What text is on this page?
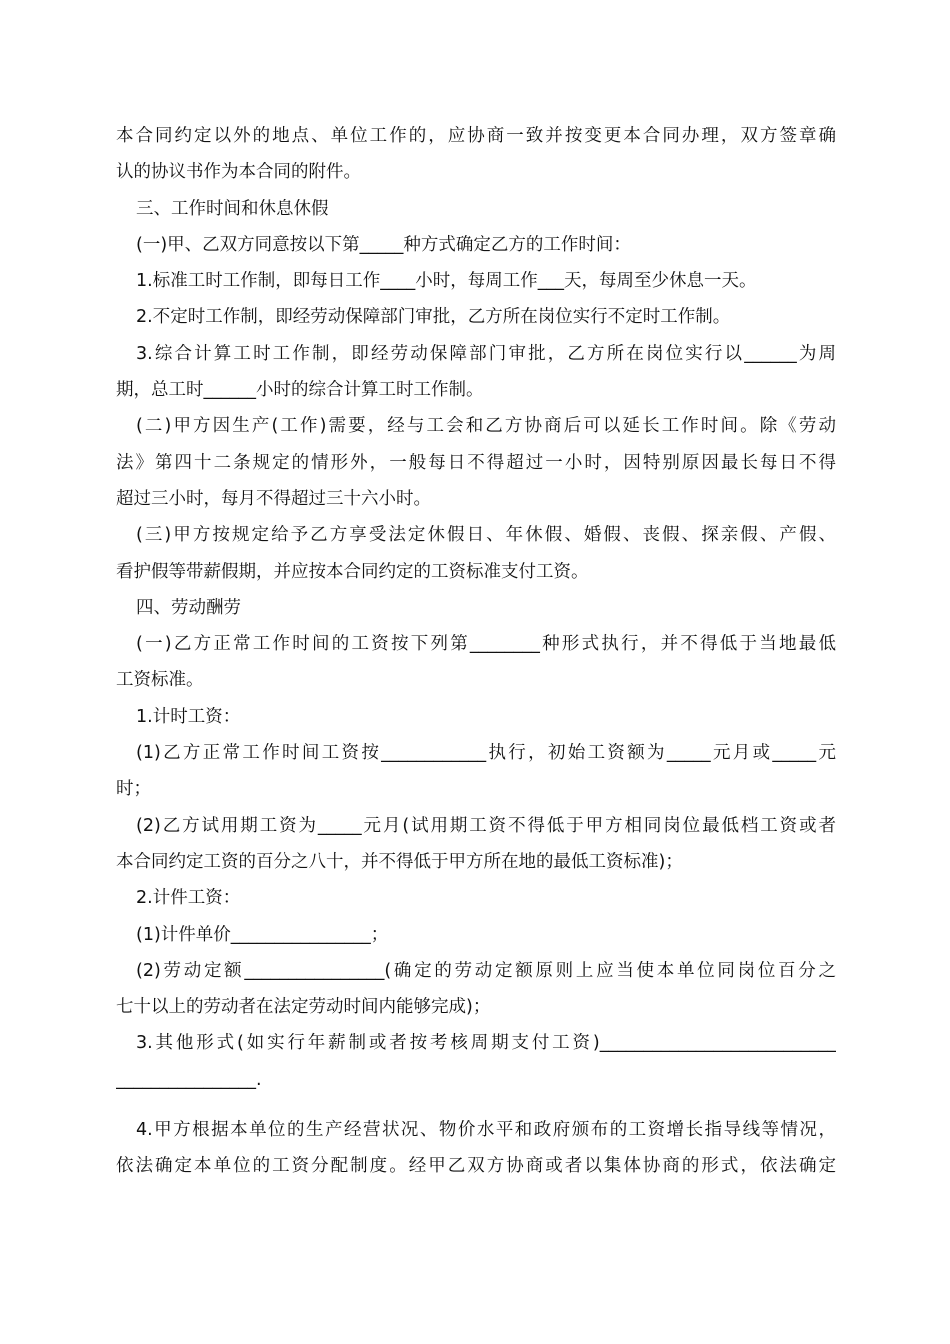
本合同约定以外的地点、单位工作的，应协商一致并按变更本合同办理，双方签章确
认的协议书作为本合同的附件。
三、工作时间和休息休假
(一)甲、乙双方同意按以下第_____种方式确定乙方的工作时间：
1.标准工时工作制，即每日工作____小时，每周工作___天，每周至少休息一天。
2.不定时工作制，即经劳动保障部门审批，乙方所在岗位实行不定时工作制。
3.综合计算工时工作制，即经劳动保障部门审批，乙方所在岗位实行以______为周
期，总工时______小时的综合计算工时工作制。
(二)甲方因生产(工作)需要，经与工会和乙方协商后可以延长工作时间。除《劳动
法》第四十二条规定的情形外，一般每日不得超过一小时，因特别原因最长每日不得
超过三小时，每月不得超过三十六小时。
(三)甲方按规定给予乙方享受法定休假日、年休假、婚假、丧假、探亲假、产假、
看护假等带薪假期，并应按本合同约定的工资标准支付工资。
四、劳动酬劳
(一)乙方正常工作时间的工资按下列第________种形式执行，并不得低于当地最低
工资标准。
1.计时工资：
(1)乙方正常工作时间工资按____________执行，初始工资额为_____元月或_____元
时；
(2)乙方试用期工资为_____元月(试用期工资不得低于甲方相同岗位最低档工资或者
本合同约定工资的百分之八十，并不得低于甲方所在地的最低工资标准)；
2.计件工资：
(1)计件单价________________；
(2)劳动定额________________(确定的劳动定额原则上应当使本单位同岗位百分之
七十以上的劳动者在法定劳动时间内能够完成)；
3.其他形式(如实行年薪制或者按考核周期支付工资)___________________________
________________.
4.甲方根据本单位的生产经营状况、物价水平和政府颁布的工资增长指导线等情况，
依法确定本单位的工资分配制度。经甲乙双方协商或者以集体协商的形式，依法确定
